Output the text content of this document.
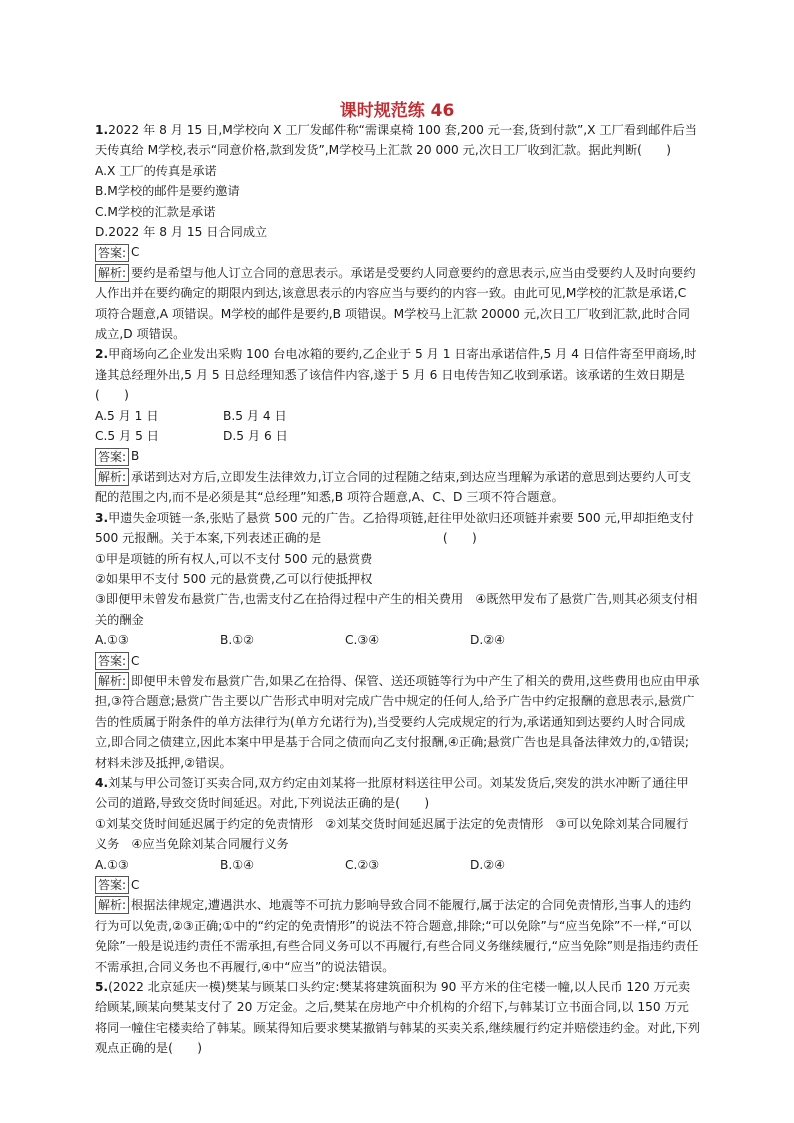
课时规范练 46

1.2022 年 8 月 15 日,M学校向 X 工厂发邮件称“需课桌椅 100 套,200 元一套,货到付款”,X 工厂看到邮件后当天传真给 M学校,表示“同意价格,款到发货”,M学校马上汇款 20 000 元,次日工厂收到汇款。据此判断(　　)

A.X 工厂的传真是承诺

B.M学校的邮件是要约邀请

C.M学校的汇款是承诺

D.2022 年 8 月 15 日合同成立

答案: C

解析: 要约是希望与他人订立合同的意思表示。承诺是受要约人同意要约的意思表示,应当由受要约人及时向要约人作出并在要约确定的期限内到达,该意思表示的内容应当与要约的内容一致。由此可见,M学校的汇款是承诺,C 项符合题意,A 项错误。M学校的邮件是要约,B 项错误。M学校马上汇款 20000 元,次日工厂收到汇款,此时合同成立,D 项错误。

2.甲商场向乙企业发出采购 100 台电冰箱的要约,乙企业于 5 月 1 日寄出承诺信件,5 月 4 日信件寄至甲商场,时逢其总经理外出,5 月 5 日总经理知悉了该信件内容,遂于 5 月 6 日电传告知乙收到承诺。该承诺的生效日期是(　　)

A.5 月 1 日	B.5 月 4 日

C.5 月 5 日	D.5 月 6 日

答案: B

解析: 承诺到达对方后,立即发生法律效力,订立合同的过程随之结束,到达应当理解为承诺的意思到达要约人可支配的范围之内,而不是必须是其“总经理”知悉,B 项符合题意,A、C、D 三项不符合题意。

3.甲遗失金项链一条,张贴了悬赏 500 元的广告。乙拾得项链,赶往甲处欲归还项链并索要 500 元,甲却拒绝支付 500 元报酬。关于本案,下列表述正确的是　　　　　　　　　　(　　)

①甲是项链的所有权人,可以不支付 500 元的悬赏费

②如果甲不支付 500 元的悬赏费,乙可以行使抵押权

③即便甲未曾发布悬赏广告,也需支付乙在拾得过程中产生的相关费用　④既然甲发布了悬赏广告,则其必须支付相关的酬金

A.①③	B.①②	C.③④	D.②④

答案: C

解析: 即便甲未曾发布悬赏广告,如果乙在拾得、保管、送还项链等行为中产生了相关的费用,这些费用也应由甲承担,③符合题意;悬赏广告主要以广告形式申明对完成广告中规定的任何人,给予广告中约定报酬的意思表示,悬赏广告的性质属于附条件的单方法律行为(单方允诺行为),当受要约人完成规定的行为,承诺通知到达要约人时合同成立,即合同之债建立,因此本案中甲是基于合同之债而向乙支付报酬,④正确;悬赏广告也是具备法律效力的,①错误;材料未涉及抵押,②错误。

4.刘某与甲公司签订买卖合同,双方约定由刘某将一批原材料送往甲公司。刘某发货后,突发的洪水冲断了通往甲公司的道路,导致交货时间延迟。对此,下列说法正确的是(　　)

①刘某交货时间延迟属于约定的免责情形　②刘某交货时间延迟属于法定的免责情形　③可以免除刘某合同履行义务　④应当免除刘某合同履行义务

A.①③	B.①④	C.②③	D.②④

答案: C

解析: 根据法律规定,遭遇洪水、地震等不可抗力影响导致合同不能履行,属于法定的合同免责情形,当事人的违约行为可以免责,②③正确;①中的“约定的免责情形”的说法不符合题意,排除;“可以免除”与“应当免除”不一样,“可以免除”一般是说违约责任不需承担,有些合同义务可以不再履行,有些合同义务继续履行,“应当免除”则是指违约责任不需承担,合同义务也不再履行,④中“应当”的说法错误。

5.(2022 北京延庆一模)樊某与顾某口头约定:樊某将建筑面积为 90 平方米的住宅楼一幢,以人民币 120 万元卖给顾某,顾某向樊某支付了 20 万定金。之后,樊某在房地产中介机构的介绍下,与韩某订立书面合同,以 150 万元将同一幢住宅楼卖给了韩某。顾某得知后要求樊某撤销与韩某的买卖关系,继续履行约定并赔偿违约金。对此,下列观点正确的是(　　)
